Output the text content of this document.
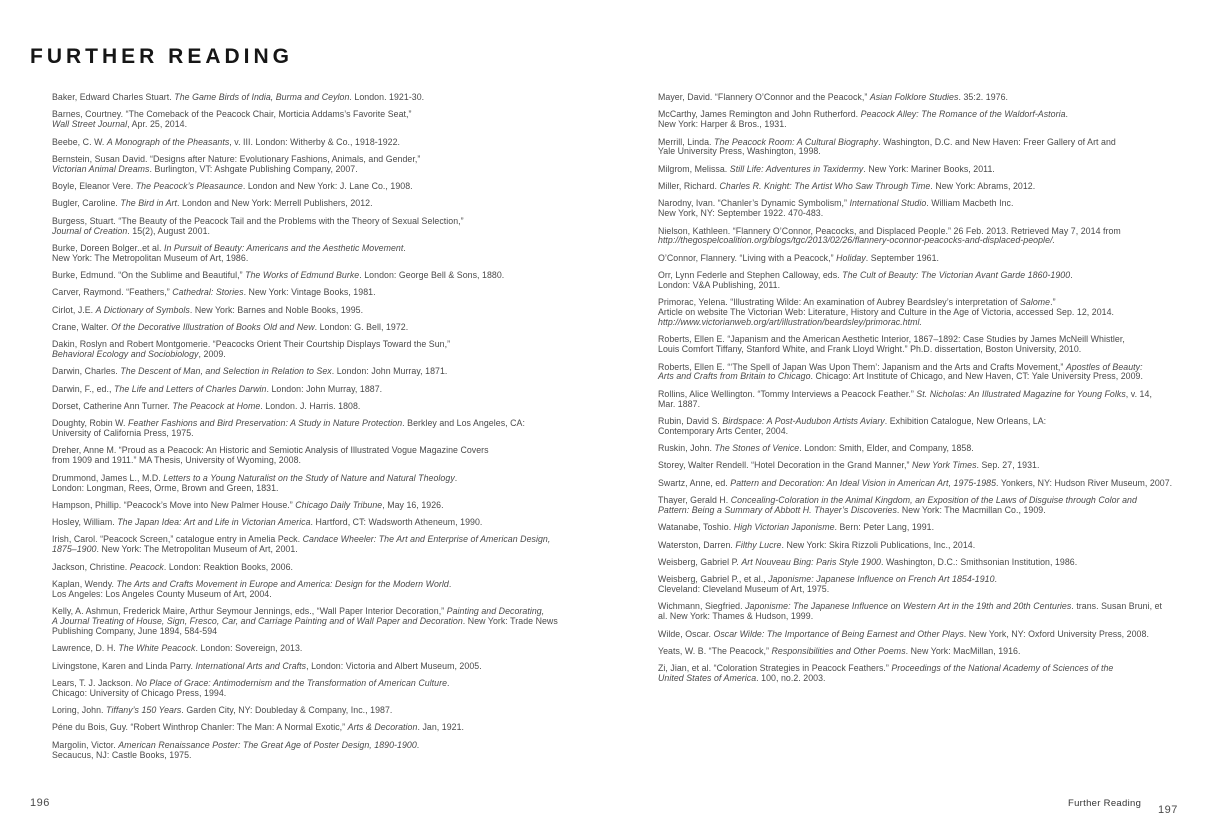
FURTHER READING

Baker, Edward Charles Stuart. The Game Birds of India, Burma and Ceylon. London. 1921-30.

Barnes, Courtney. “The Comeback of the Peacock Chair, Morticia Addams’s Favorite Seat,”
Wall Street Journal, Apr. 25, 2014.

Beebe, C. W. A Monograph of the Pheasants, v. III. London: Witherby & Co., 1918-1922.

Bernstein, Susan David. “Designs after Nature: Evolutionary Fashions, Animals, and Gender,”
Victorian Animal Dreams. Burlington, VT: Ashgate Publishing Company, 2007.

Boyle, Eleanor Vere. The Peacock’s Pleasaunce. London and New York: J. Lane Co., 1908.

Bugler, Caroline. The Bird in Art. London and New York: Merrell Publishers, 2012.

Burgess, Stuart. “The Beauty of the Peacock Tail and the Problems with the Theory of Sexual Selection,”
Journal of Creation. 15(2), August 2001.

Burke, Doreen Bolger..et al. In Pursuit of Beauty: Americans and the Aesthetic Movement.
New York: The Metropolitan Museum of Art, 1986.

Burke, Edmund. “On the Sublime and Beautiful,” The Works of Edmund Burke. London: George Bell & Sons, 1880.

Carver, Raymond. “Feathers,” Cathedral: Stories. New York: Vintage Books, 1981.

Cirlot, J.E. A Dictionary of Symbols. New York: Barnes and Noble Books, 1995.

Crane, Walter. Of the Decorative Illustration of Books Old and New. London: G. Bell, 1972.

Dakin, Roslyn and Robert Montgomerie. “Peacocks Orient Their Courtship Displays Toward the Sun,”
Behavioral Ecology and Sociobiology, 2009.

Darwin, Charles. The Descent of Man, and Selection in Relation to Sex. London: John Murray, 1871.

Darwin, F., ed., The Life and Letters of Charles Darwin. London: John Murray, 1887.

Dorset, Catherine Ann Turner. The Peacock at Home. London. J. Harris. 1808.

Doughty, Robin W. Feather Fashions and Bird Preservation: A Study in Nature Protection. Berkley and Los Angeles, CA:
University of California Press, 1975.

Dreher, Anne M. “Proud as a Peacock: An Historic and Semiotic Analysis of Illustrated Vogue Magazine Covers
from 1909 and 1911.” MA Thesis, University of Wyoming, 2008.

Drummond, James L., M.D. Letters to a Young Naturalist on the Study of Nature and Natural Theology.
London: Longman, Rees, Orme, Brown and Green, 1831.

Hampson, Phillip. “Peacock’s Move into New Palmer House.” Chicago Daily Tribune, May 16, 1926.

Hosley, William. The Japan Idea: Art and Life in Victorian America. Hartford, CT: Wadsworth Atheneum, 1990.

Irish, Carol. “Peacock Screen,” catalogue entry in Amelia Peck. Candace Wheeler: The Art and Enterprise of American Design,
1875–1900. New York: The Metropolitan Museum of Art, 2001.

Jackson, Christine. Peacock. London: Reaktion Books, 2006.

Kaplan, Wendy. The Arts and Crafts Movement in Europe and America: Design for the Modern World.
Los Angeles: Los Angeles County Museum of Art, 2004.

Kelly, A. Ashmun, Frederick Maire, Arthur Seymour Jennings, eds., “Wall Paper Interior Decoration,” Painting and Decorating,
A Journal Treating of House, Sign, Fresco, Car, and Carriage Painting and of Wall Paper and Decoration. New York: Trade News
Publishing Company, June 1894, 584-594

Lawrence, D. H. The White Peacock. London: Sovereign, 2013.

Livingstone, Karen and Linda Parry. International Arts and Crafts, London: Victoria and Albert Museum, 2005.

Lears, T. J. Jackson. No Place of Grace: Antimodernism and the Transformation of American Culture.
Chicago: University of Chicago Press, 1994.

Loring, John. Tiffany’s 150 Years. Garden City, NY: Doubleday & Company, Inc., 1987.

Péne du Bois, Guy. “Robert Winthrop Chanler: The Man: A Normal Exotic,” Arts & Decoration. Jan, 1921.

Margolin, Victor. American Renaissance Poster: The Great Age of Poster Design, 1890-1900.
Secaucus, NJ: Castle Books, 1975.

Mayer, David. “Flannery O’Connor and the Peacock,” Asian Folklore Studies. 35:2. 1976.

McCarthy, James Remington and John Rutherford. Peacock Alley: The Romance of the Waldorf-Astoria.
New York: Harper & Bros., 1931.

Merrill, Linda. The Peacock Room: A Cultural Biography. Washington, D.C. and New Haven: Freer Gallery of Art and
Yale University Press, Washington, 1998.

Milgrom, Melissa. Still Life: Adventures in Taxidermy. New York: Mariner Books, 2011.

Miller, Richard. Charles R. Knight: The Artist Who Saw Through Time. New York: Abrams, 2012.

Narodny, Ivan. “Chanler’s Dynamic Symbolism,” International Studio. William Macbeth Inc.
New York, NY: September 1922. 470-483.

Nielson, Kathleen. “Flannery O’Connor, Peacocks, and Displaced People.” 26 Feb. 2013. Retrieved May 7, 2014 from
http://thegospelcoalition.org/blogs/tgc/2013/02/26/flannery-oconnor-peacocks-and-displaced-people/.

O’Connor, Flannery. “Living with a Peacock,” Holiday. September 1961.

Orr, Lynn Federle and Stephen Calloway, eds. The Cult of Beauty: The Victorian Avant Garde 1860-1900.
London: V&A Publishing, 2011.

Primorac, Yelena. “Illustrating Wilde: An examination of Aubrey Beardsley’s interpretation of Salome.”
Article on website The Victorian Web: Literature, History and Culture in the Age of Victoria, accessed Sep. 12, 2014.
http://www.victorianweb.org/art/illustration/beardsley/primorac.html.

Roberts, Ellen E. “Japanism and the American Aesthetic Interior, 1867–1892: Case Studies by James McNeill Whistler,
Louis Comfort Tiffany, Stanford White, and Frank Lloyd Wright.” Ph.D. dissertation, Boston University, 2010.

Roberts, Ellen E. “‘The Spell of Japan Was Upon Them’: Japanism and the Arts and Crafts Movement,” Apostles of Beauty:
Arts and Crafts from Britain to Chicago. Chicago: Art Institute of Chicago, and New Haven, CT: Yale University Press, 2009.

Rollins, Alice Wellington. “Tommy Interviews a Peacock Feather.” St. Nicholas: An Illustrated Magazine for Young Folks, v. 14,
Mar. 1887.

Rubin, David S. Birdspace: A Post-Audubon Artists Aviary. Exhibition Catalogue, New Orleans, LA:
Contemporary Arts Center, 2004.

Ruskin, John. The Stones of Venice. London: Smith, Elder, and Company, 1858.

Storey, Walter Rendell. “Hotel Decoration in the Grand Manner,” New York Times. Sep. 27, 1931.

Swartz, Anne, ed. Pattern and Decoration: An Ideal Vision in American Art, 1975-1985. Yonkers, NY: Hudson River Museum, 2007.

Thayer, Gerald H. Concealing-Coloration in the Animal Kingdom, an Exposition of the Laws of Disguise through Color and
Pattern: Being a Summary of Abbott H. Thayer’s Discoveries. New York: The Macmillan Co., 1909.

Watanabe, Toshio. High Victorian Japonisme. Bern: Peter Lang, 1991.

Waterston, Darren. Filthy Lucre. New York: Skira Rizzoli Publications, Inc., 2014.

Weisberg, Gabriel P. Art Nouveau Bing: Paris Style 1900. Washington, D.C.: Smithsonian Institution, 1986.

Weisberg, Gabriel P., et al., Japonisme: Japanese Influence on French Art 1854-1910.
Cleveland: Cleveland Museum of Art, 1975.

Wichmann, Siegfried. Japonisme: The Japanese Influence on Western Art in the 19th and 20th Centuries. trans. Susan Bruni, et
al. New York: Thames & Hudson, 1999.

Wilde, Oscar. Oscar Wilde: The Importance of Being Earnest and Other Plays. New York, NY: Oxford University Press, 2008.

Yeats, W. B. “The Peacock,” Responsibilities and Other Poems. New York: MacMillan, 1916.

Zi, Jian, et al. “Coloration Strategies in Peacock Feathers.” Proceedings of the National Academy of Sciences of the
United States of America. 100, no.2. 2003.

196	Further Reading
197
